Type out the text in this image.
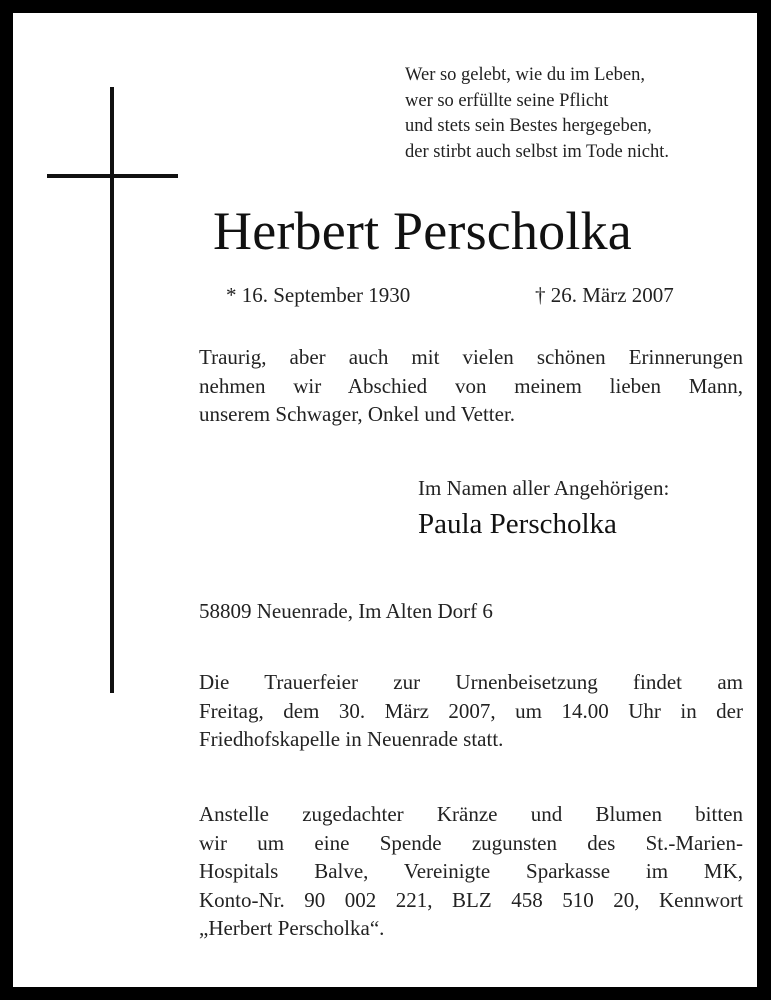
Wer so gelebt, wie du im Leben,
wer so erfüllte seine Pflicht
und stets sein Bestes hergegeben,
der stirbt auch selbst im Tode nicht.
Herbert Perscholka
* 16. September 1930	† 26. März 2007
Traurig, aber auch mit vielen schönen Erinnerungen
nehmen wir Abschied von meinem lieben Mann,
unserem Schwager, Onkel und Vetter.
Im Namen aller Angehörigen:
Paula Perscholka
58809 Neuenrade, Im Alten Dorf 6
Die Trauerfeier zur Urnenbeisetzung findet am
Freitag, dem 30. März 2007, um 14.00 Uhr in der
Friedhofskapelle in Neuenrade statt.
Anstelle zugedachter Kränze und Blumen bitten
wir um eine Spende zugunsten des St.-Marien-
Hospitals Balve, Vereinigte Sparkasse im MK,
Konto-Nr. 90 002 221, BLZ 458 510 20, Kennwort
„Herbert Perscholka“.
